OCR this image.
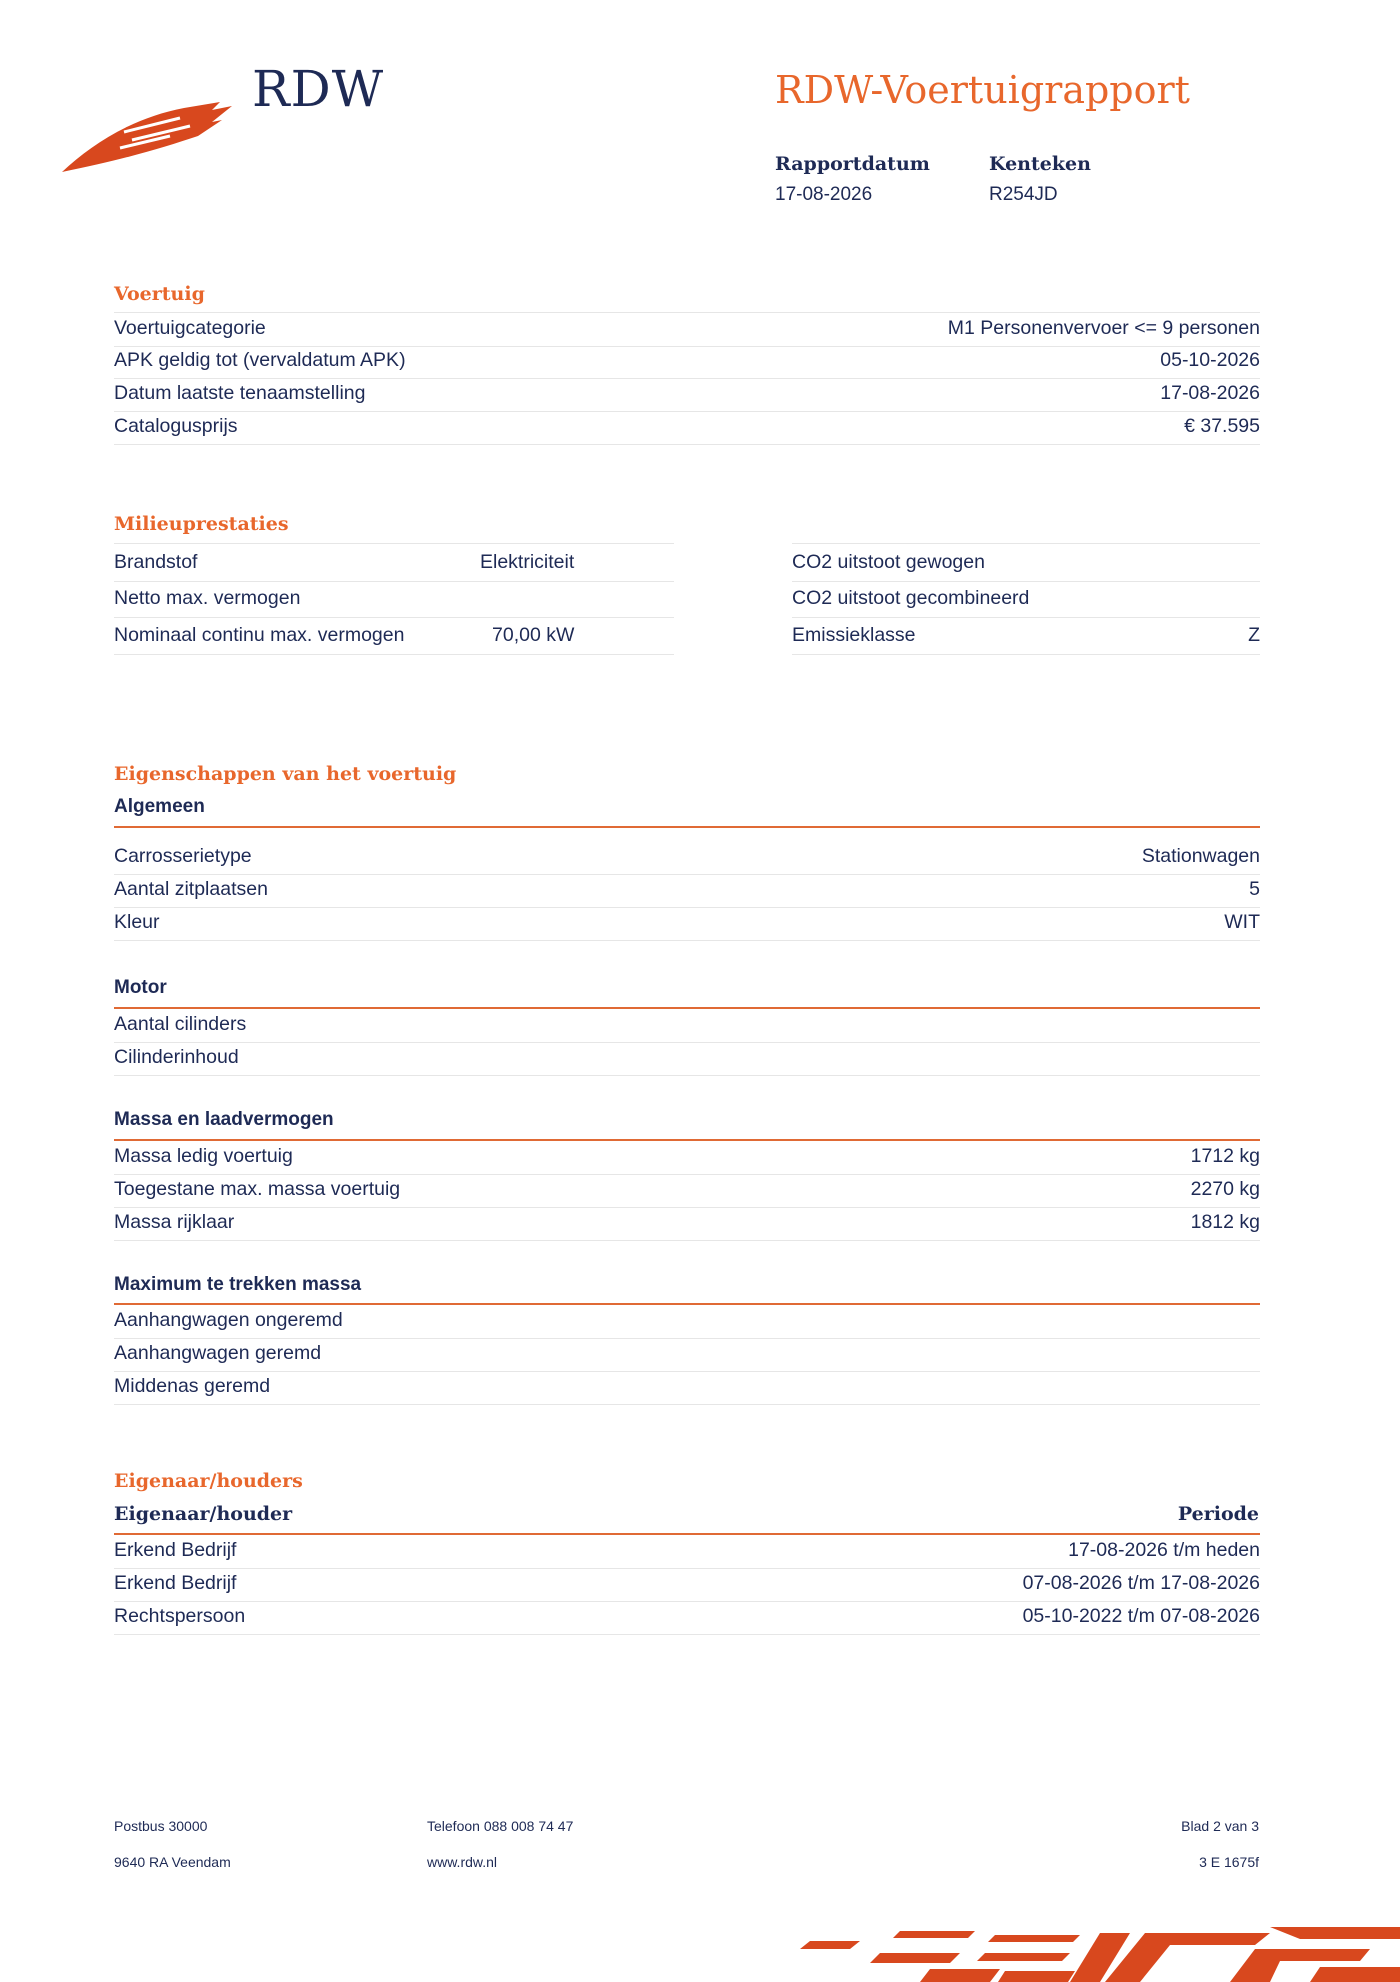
RDW	RDW-Voertuigrapport
Rapportdatum
17-08-2026
Kenteken
R254JD
Voertuig
Voertuigcategorie	M1 Personenvervoer <= 9 personen
APK geldig tot (vervaldatum APK)	05-10-2026
Datum laatste tenaamstelling	17-08-2026
Catalogusprijs	€ 37.595
Milieuprestaties
Brandstof	Elektriciteit
Netto max. vermogen
Nominaal continu max. vermogen	70,00 kW
CO2 uitstoot gewogen
CO2 uitstoot gecombineerd
Emissieklasse	Z
Eigenschappen van het voertuig
Algemeen
Carrosserietype	Stationwagen
Aantal zitplaatsen	5
Kleur	WIT
Motor
Aantal cilinders
Cilinderinhoud
Massa en laadvermogen
Massa ledig voertuig	1712 kg
Toegestane max. massa voertuig	2270 kg
Massa rijklaar	1812 kg
Maximum te trekken massa
Aanhangwagen ongeremd
Aanhangwagen geremd
Middenas geremd
Eigenaar/houders
Eigenaar/houder	Periode
Erkend Bedrijf	17-08-2026 t/m heden
Erkend Bedrijf	07-08-2026 t/m 17-08-2026
Rechtspersoon	05-10-2022 t/m 07-08-2026
Postbus 30000
9640 RA Veendam
Telefoon 088 008 74 47
www.rdw.nl
Blad 2 van 3
3 E 1675f
